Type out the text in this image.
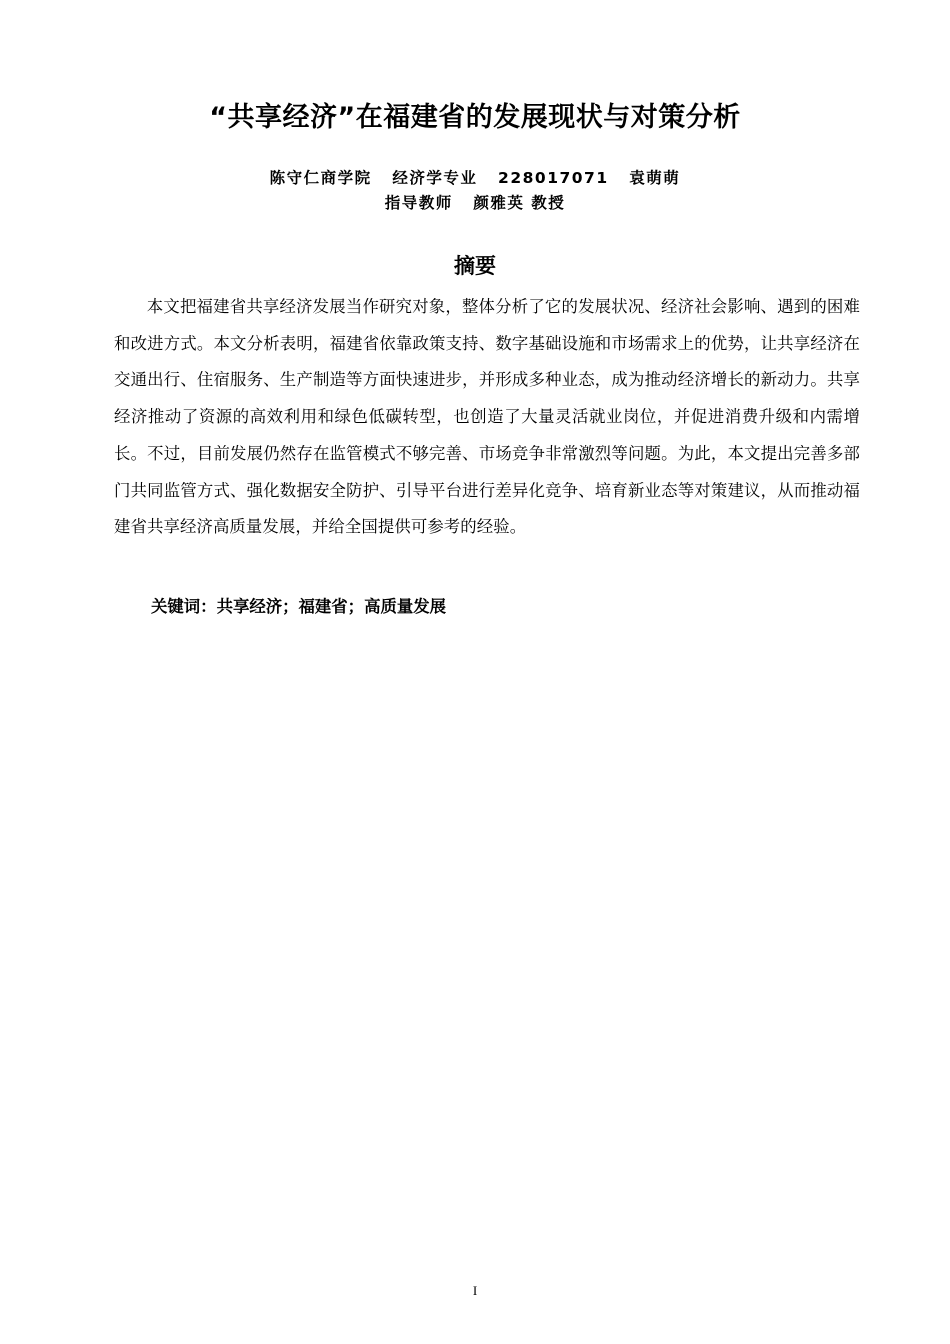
“共享经济”在福建省的发展现状与对策分析
陈守仁商学院   经济学专业   228017071   袁萌萌
指导教师   颜雅英 教授
摘要

本文把福建省共享经济发展当作研究对象，整体分析了它的发展状况、经济社会影响、遇到的困难和改进方式。本文分析表明，福建省依靠政策支持、数字基础设施和市场需求上的优势，让共享经济在交通出行、住宿服务、生产制造等方面快速进步，并形成多种业态，成为推动经济增长的新动力。共享经济推动了资源的高效利用和绿色低碳转型，也创造了大量灵活就业岗位，并促进消费升级和内需增长。不过，目前发展仍然存在监管模式不够完善、市场竞争非常激烈等问题。为此，本文提出完善多部门共同监管方式、强化数据安全防护、引导平台进行差异化竞争、培育新业态等对策建议，从而推动福建省共享经济高质量发展，并给全国提供可参考的经验。

关键词：共享经济；福建省；高质量发展
I
